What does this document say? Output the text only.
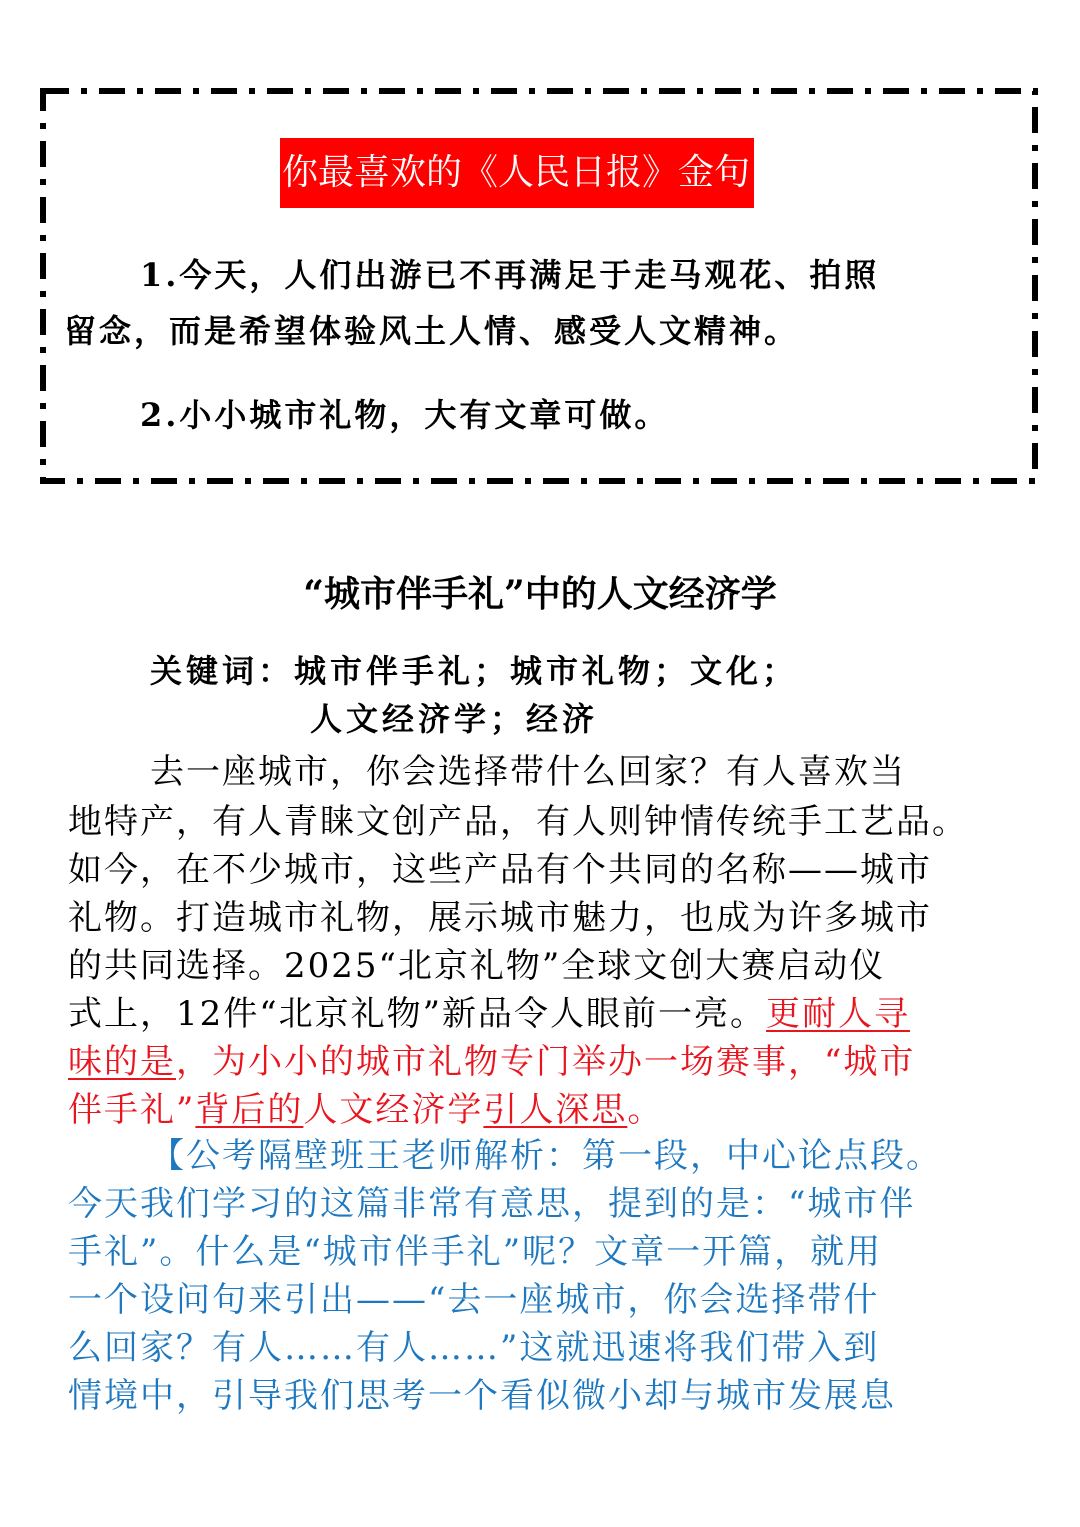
你最喜欢的《人民日报》金句
1.今天，人们出游已不再满足于走马观花、拍照
留念，而是希望体验风土人情、感受人文精神。
2.小小城市礼物，大有文章可做。
“城市伴手礼”中的人文经济学
关键词：城市伴手礼；城市礼物；文化；
人文经济学；经济
去一座城市，你会选择带什么回家？有人喜欢当
地特产，有人青睐文创产品，有人则钟情传统手工艺品。
如今，在不少城市，这些产品有个共同的名称——城市
礼物。打造城市礼物，展示城市魅力，也成为许多城市
的共同选择。2025“北京礼物”全球文创大赛启动仪
式上，12件“北京礼物”新品令人眼前一亮。更耐人寻
味的是，为小小的城市礼物专门举办一场赛事，“城市
伴手礼”背后的人文经济学引人深思。
【公考隔壁班王老师解析：第一段，中心论点段。
今天我们学习的这篇非常有意思，提到的是：“城市伴
手礼”。什么是“城市伴手礼”呢？文章一开篇，就用
一个设问句来引出——“去一座城市，你会选择带什
么回家？有人……有人……”这就迅速将我们带入到
情境中，引导我们思考一个看似微小却与城市发展息
